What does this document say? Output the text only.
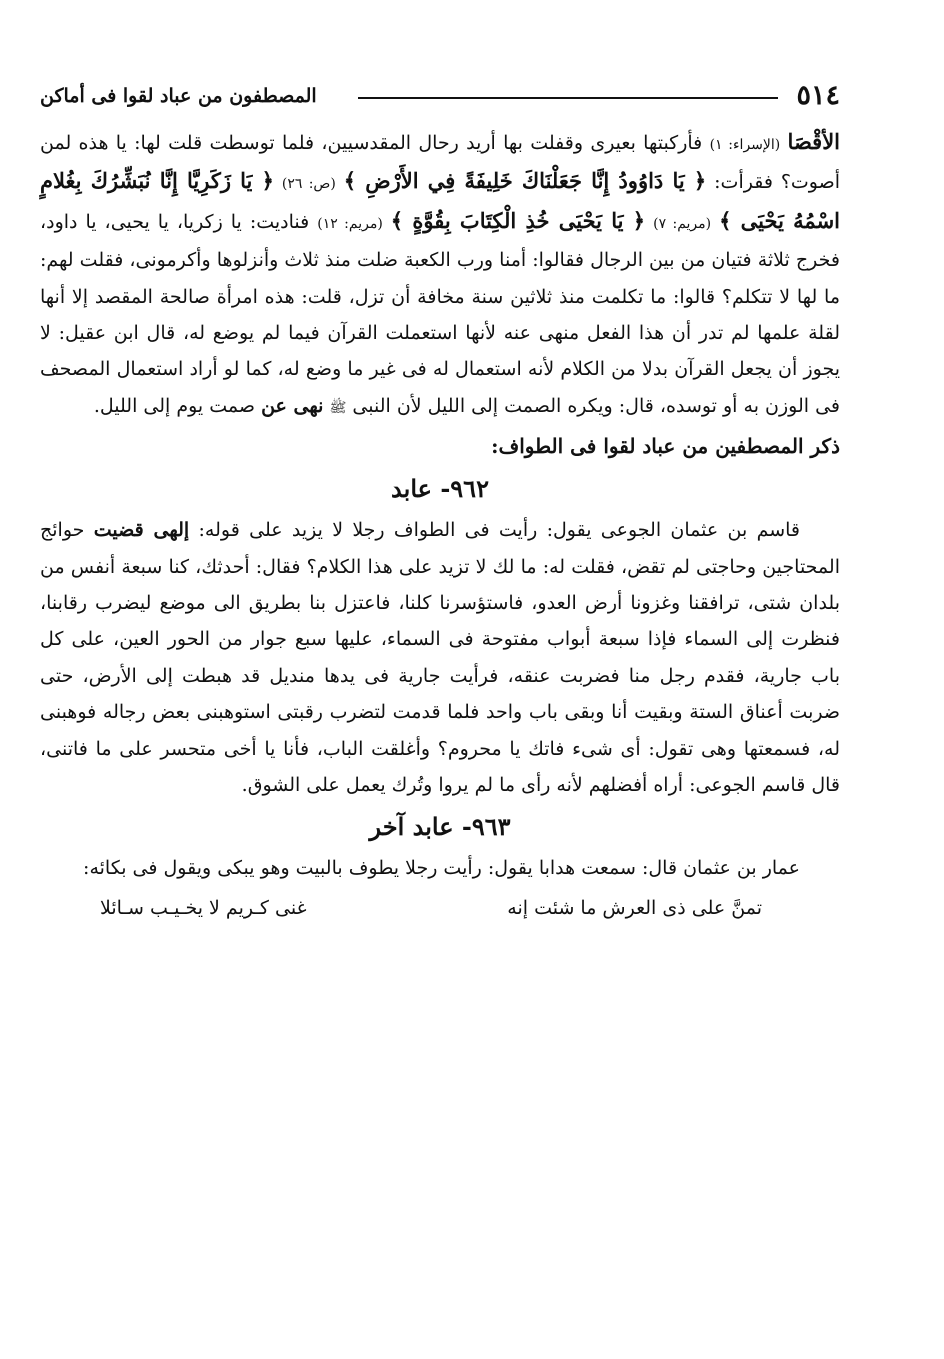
٥١٤
المصطفون من عباد لقوا فى أماكن

الأقْصَا (الإسراء: ١) فأركبتها بعيرى وقفلت بها أريد رحال المقدسيين، فلما توسطت قلت لها: يا هذه لمن أصوت؟ فقرأت: ﴿ يَا دَاوُودُ إِنَّا جَعَلْنَاكَ خَلِيفَةً فِي الأَرْضِ ﴾ (ص: ٢٦) ﴿ يَا زَكَرِيَّا إِنَّا نُبَشِّرُكَ بِغُلامٍ اسْمُهُ يَحْيَى ﴾ (مريم: ٧) ﴿ يَا يَحْيَى خُذِ الْكِتَابَ بِقُوَّةٍ ﴾ (مريم: ١٢) فناديت: يا زكريا، يا يحيى، يا داود، فخرج ثلاثة فتيان من بين الرجال فقالوا: أمنا ورب الكعبة ضلت منذ ثلاث وأنزلوها وأكرمونى، فقلت لهم: ما لها لا تتكلم؟ قالوا: ما تكلمت منذ ثلاثين سنة مخافة أن تزل، قلت: هذه امرأة صالحة المقصد إلا أنها لقلة علمها لم تدر أن هذا الفعل منهى عنه لأنها استعملت القرآن فيما لم يوضع له، قال ابن عقيل: لا يجوز أن يجعل القرآن بدلا من الكلام لأنه استعمال له فى غير ما وضع له، كما لو أراد استعمال المصحف فى الوزن به أو توسده، قال: ويكره الصمت إلى الليل لأن النبى ﷺ نهى عن صمت يوم إلى الليل.

ذكر المصطفين من عباد لقوا فى الطواف:

٩٦٢- عابد

قاسم بن عثمان الجوعى يقول: رأيت فى الطواف رجلا لا يزيد على قوله: إلهى قضيت حوائج المحتاجين وحاجتى لم تقض، فقلت له: ما لك لا تزيد على هذا الكلام؟ فقال: أحدثك، كنا سبعة أنفس من بلدان شتى، ترافقنا وغزونا أرض العدو، فاستؤسرنا كلنا، فاعتزل بنا بطريق الى موضع ليضرب رقابنا، فنظرت إلى السماء فإذا سبعة أبواب مفتوحة فى السماء، عليها سبع جوار من الحور العين، على كل باب جارية، فقدم رجل منا فضربت عنقه، فرأيت جارية فى يدها منديل قد هبطت إلى الأرض، حتى ضربت أعناق الستة وبقيت أنا وبقى باب واحد فلما قدمت لتضرب رقبتى استوهبنى بعض رجاله فوهبنى له، فسمعتها وهى تقول: أى شىء فاتك يا محروم؟ وأغلقت الباب، فأنا يا أخى متحسر على ما فاتنى، قال قاسم الجوعى: أراه أفضلهم لأنه رأى ما لم يروا وتُرك يعمل على الشوق.

٩٦٣- عابد آخر

عمار بن عثمان قال: سمعت هدابا يقول: رأيت رجلا يطوف بالبيت وهو يبكى ويقول فى بكائه:

تمنَّ على ذى العرش ما شئت إنه
غنى كـريم لا يخـيـب سـائلا
